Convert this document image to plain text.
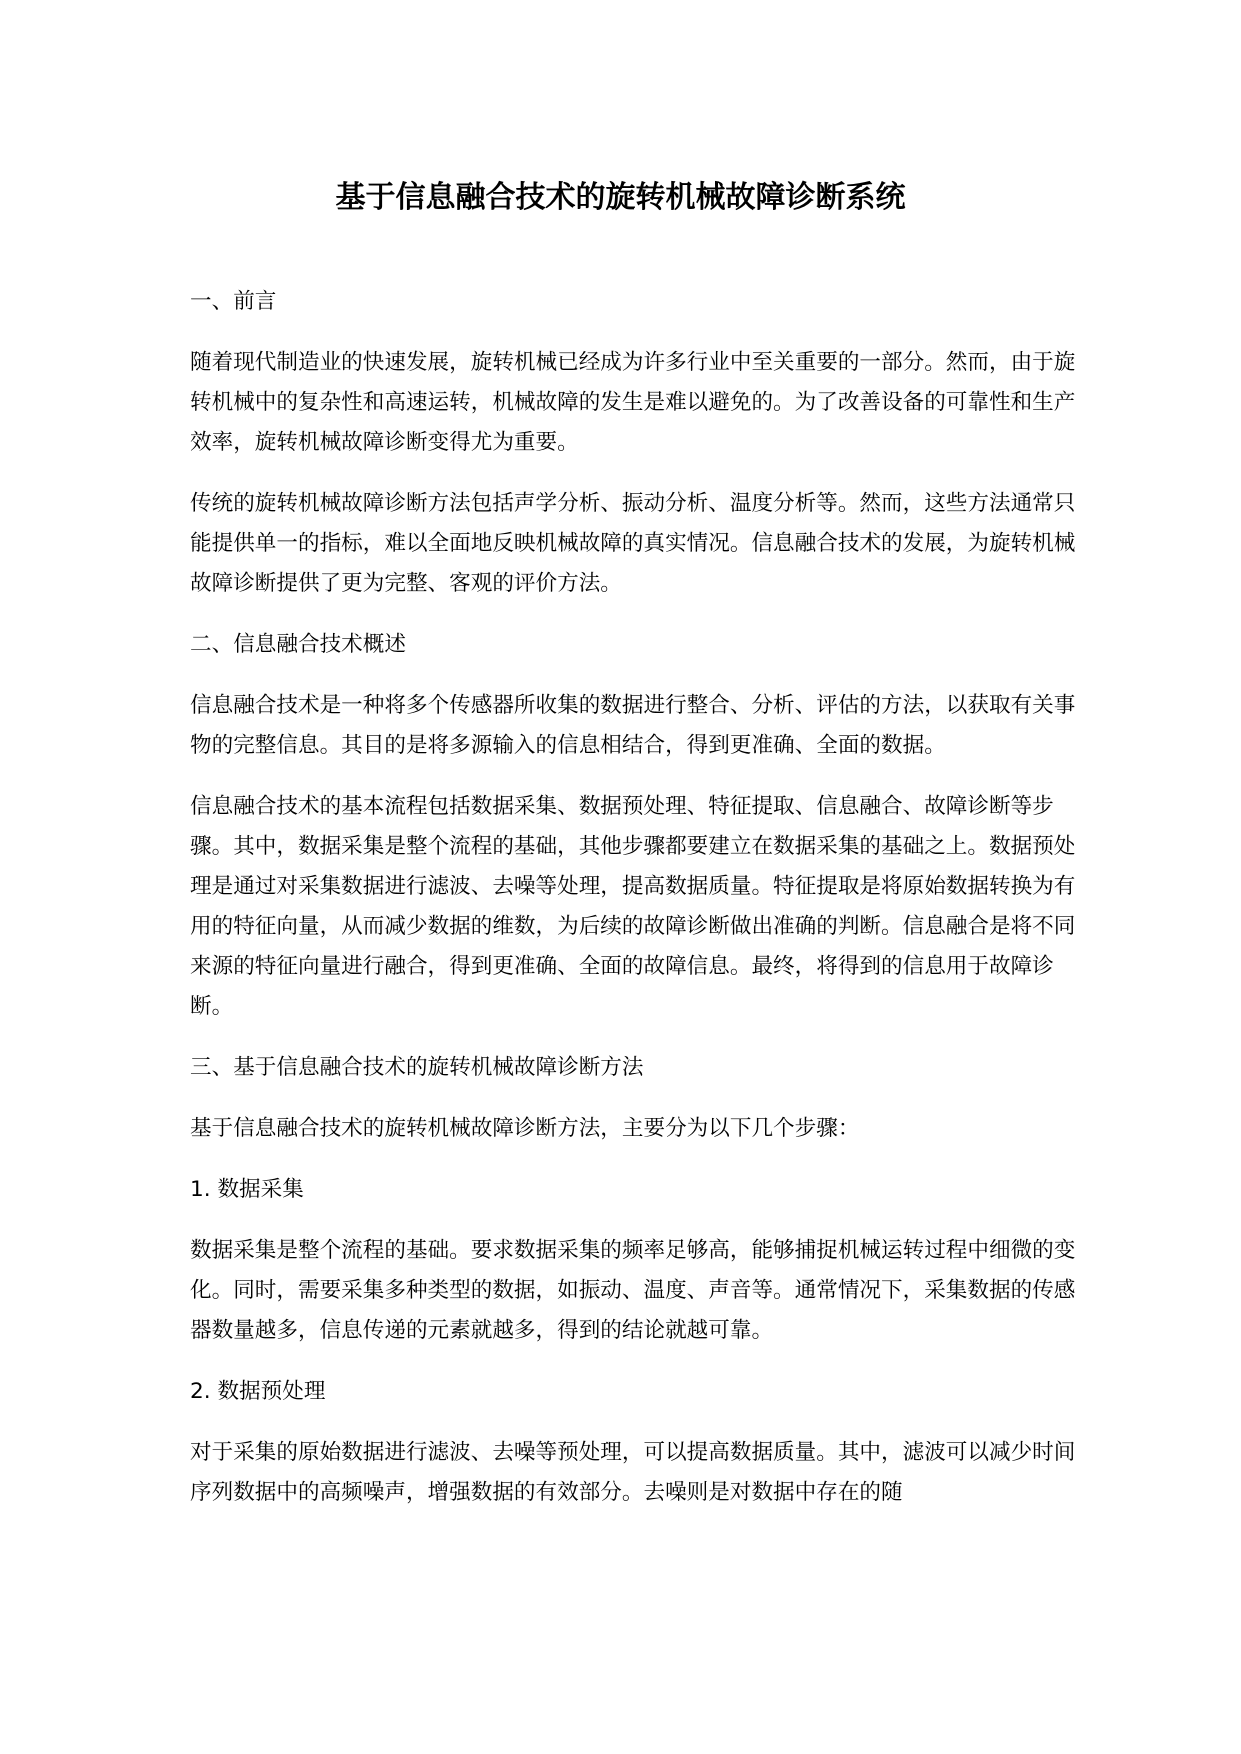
基于信息融合技术的旋转机械故障诊断系统
一、前言

随着现代制造业的快速发展，旋转机械已经成为许多行业中至关重要的一部分。然而，由于旋转机械中的复杂性和高速运转，机械故障的发生是难以避免的。为了改善设备的可靠性和生产效率，旋转机械故障诊断变得尤为重要。

传统的旋转机械故障诊断方法包括声学分析、振动分析、温度分析等。然而，这些方法通常只能提供单一的指标，难以全面地反映机械故障的真实情况。信息融合技术的发展，为旋转机械故障诊断提供了更为完整、客观的评价方法。

二、信息融合技术概述

信息融合技术是一种将多个传感器所收集的数据进行整合、分析、评估的方法，以获取有关事物的完整信息。其目的是将多源输入的信息相结合，得到更准确、全面的数据。

信息融合技术的基本流程包括数据采集、数据预处理、特征提取、信息融合、故障诊断等步骤。其中，数据采集是整个流程的基础，其他步骤都要建立在数据采集的基础之上。数据预处理是通过对采集数据进行滤波、去噪等处理，提高数据质量。特征提取是将原始数据转换为有用的特征向量，从而减少数据的维数，为后续的故障诊断做出准确的判断。信息融合是将不同来源的特征向量进行融合，得到更准确、全面的故障信息。最终，将得到的信息用于故障诊断。

三、基于信息融合技术的旋转机械故障诊断方法

基于信息融合技术的旋转机械故障诊断方法，主要分为以下几个步骤：

1. 数据采集

数据采集是整个流程的基础。要求数据采集的频率足够高，能够捕捉机械运转过程中细微的变化。同时，需要采集多种类型的数据，如振动、温度、声音等。通常情况下，采集数据的传感器数量越多，信息传递的元素就越多，得到的结论就越可靠。

2. 数据预处理

对于采集的原始数据进行滤波、去噪等预处理，可以提高数据质量。其中，滤波可以减少时间序列数据中的高频噪声，增强数据的有效部分。去噪则是对数据中存在的随
